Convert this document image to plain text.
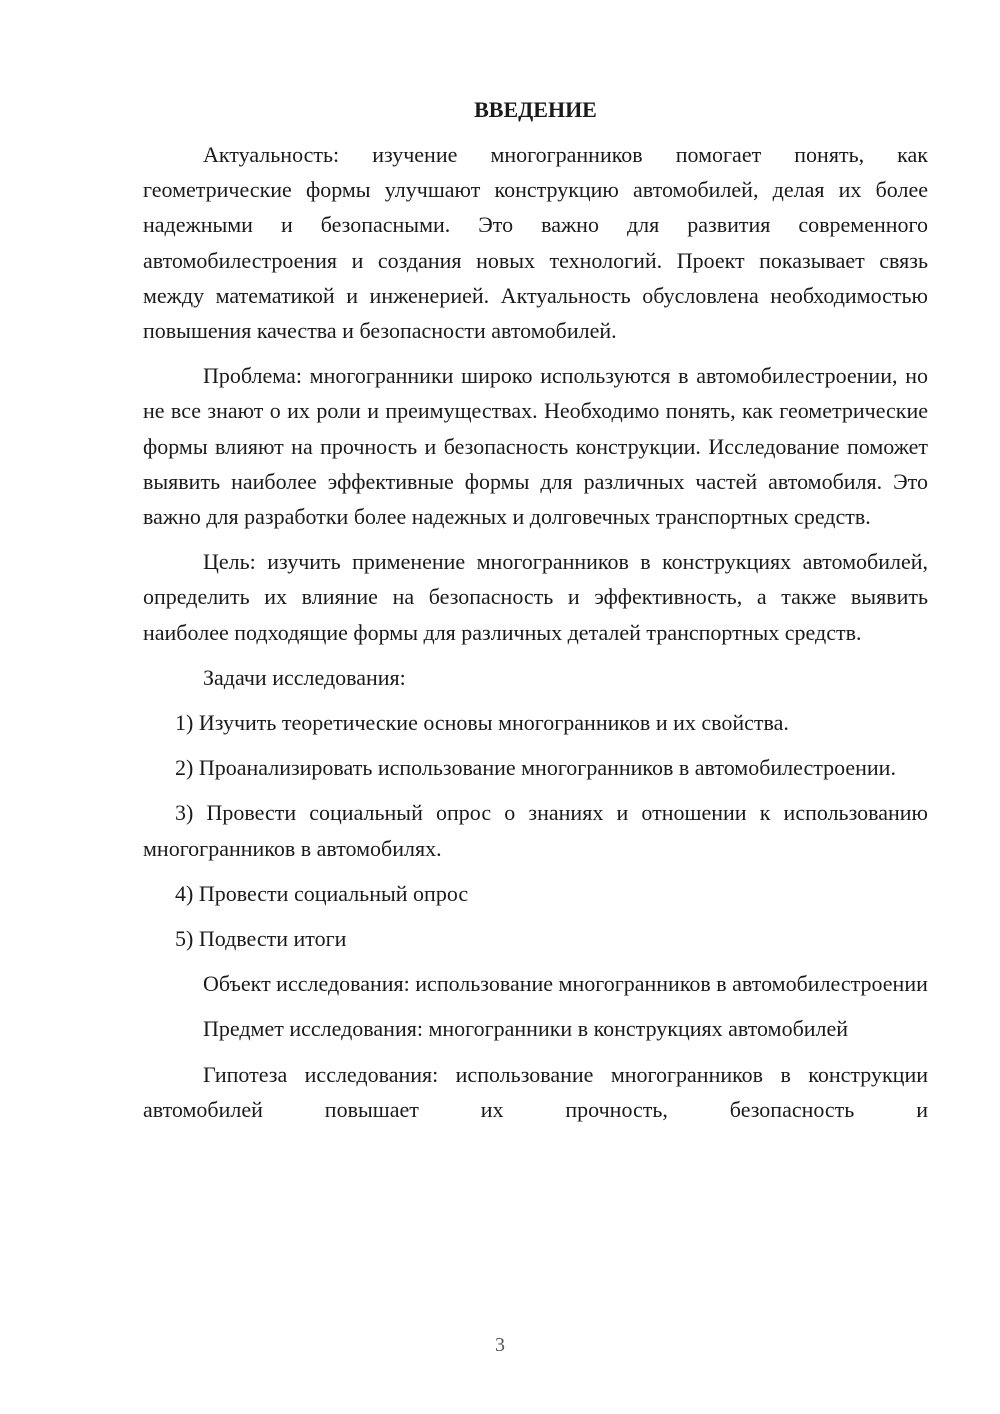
ВВЕДЕНИЕ

Актуальность: изучение многогранников помогает понять, как геометрические формы улучшают конструкцию автомобилей, делая их более надежными и безопасными. Это важно для развития современного автомобилестроения и создания новых технологий. Проект показывает связь между математикой и инженерией. Актуальность обусловлена необходимостью повышения качества и безопасности автомобилей.

Проблема: многогранники широко используются в автомобилестроении, но не все знают о их роли и преимуществах. Необходимо понять, как геометрические формы влияют на прочность и безопасность конструкции. Исследование поможет выявить наиболее эффективные формы для различных частей автомобиля. Это важно для разработки более надежных и долговечных транспортных средств.

Цель: изучить применение многогранников в конструкциях автомобилей, определить их влияние на безопасность и эффективность, а также выявить наиболее подходящие формы для различных деталей транспортных средств.

Задачи исследования:

1) Изучить теоретические основы многогранников и их свойства.

2) Проанализировать использование многогранников в автомобилестроении.

3) Провести социальный опрос о знаниях и отношении к использованию многогранников в автомобилях.

4) Провести социальный опрос

5) Подвести итоги

Объект исследования: использование многогранников в автомобилестроении

Предмет исследования: многогранники в конструкциях автомобилей

Гипотеза исследования: использование многогранников в конструкции автомобилей повышает их прочность, безопасность и

3
